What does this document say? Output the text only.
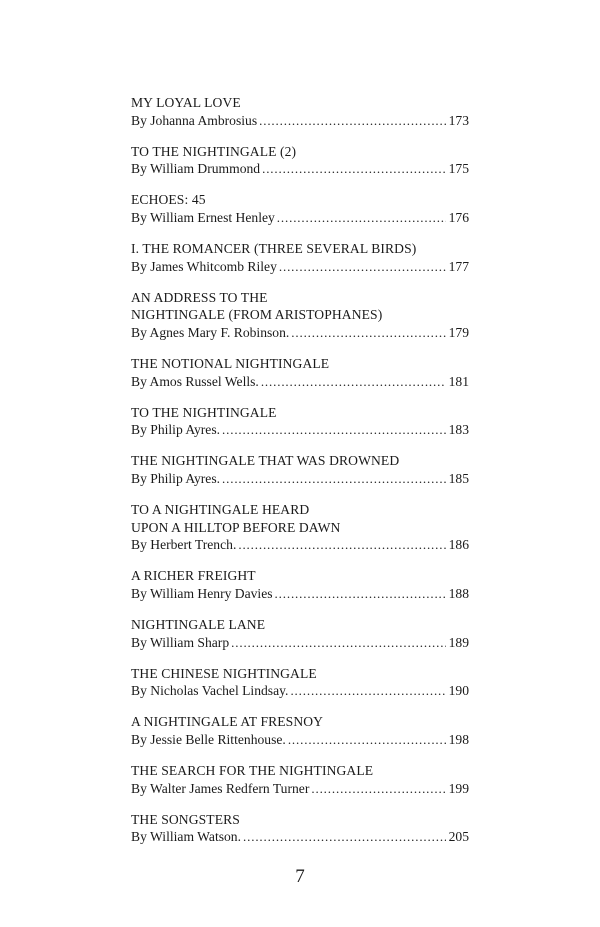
MY LOYAL LOVE
By Johanna Ambrosius . . .	173
TO THE NIGHTINGALE (2)
By William Drummond . . .	175
ECHOES: 45
By William Ernest Henley . . .	176
I. THE ROMANCER (THREE SEVERAL BIRDS)
By James Whitcomb Riley . . .	177
AN ADDRESS TO THE
NIGHTINGALE (FROM ARISTOPHANES)
By Agnes Mary F. Robinson. . . .	179
THE NOTIONAL NIGHTINGALE
By Amos Russel Wells. . . .	181
TO THE NIGHTINGALE
By Philip Ayres. . . .	183
THE NIGHTINGALE THAT WAS DROWNED
By Philip Ayres. . . .	185
TO A NIGHTINGALE HEARD
UPON A HILLTOP BEFORE DAWN
By Herbert Trench. . . .	186
A RICHER FREIGHT
By William Henry Davies . . .	188
NIGHTINGALE LANE
By William Sharp . . .	189
THE CHINESE NIGHTINGALE
By Nicholas Vachel Lindsay. . . .	190
A NIGHTINGALE AT FRESNOY
By Jessie Belle Rittenhouse. . . .	198
THE SEARCH FOR THE NIGHTINGALE
By Walter James Redfern Turner . . .	199
THE SONGSTERS
By William Watson. . . .	205
7
